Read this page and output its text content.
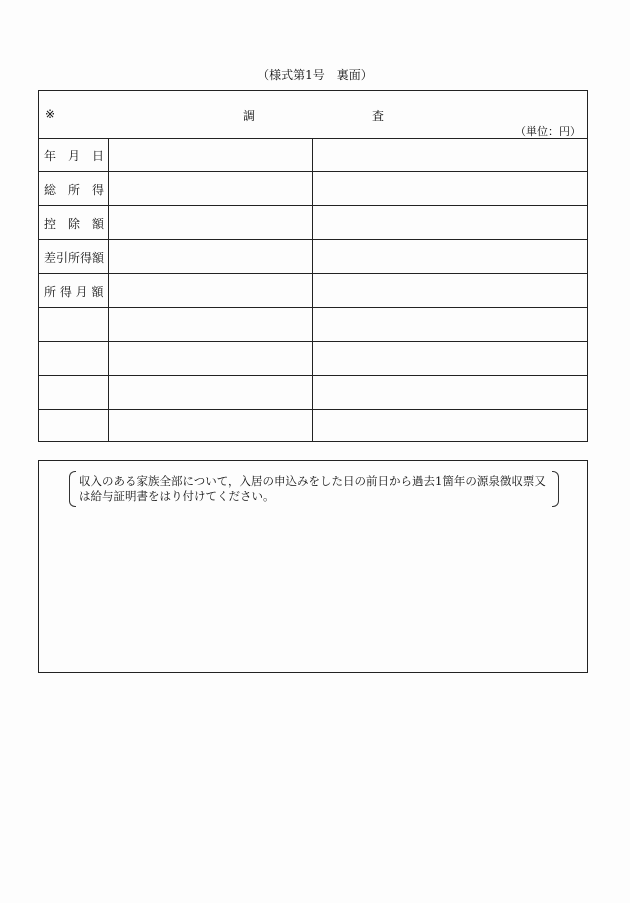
（様式第1号　裏面）
※	調	査
（単位：円）
年　月　日
総　所　得
控　除　額
差引所得額
所 得 月 額
収入のある家族全部について，入居の申込みをした日の前日から過去1箇年の源泉徴収票又は給与証明書をはり付けてください。
